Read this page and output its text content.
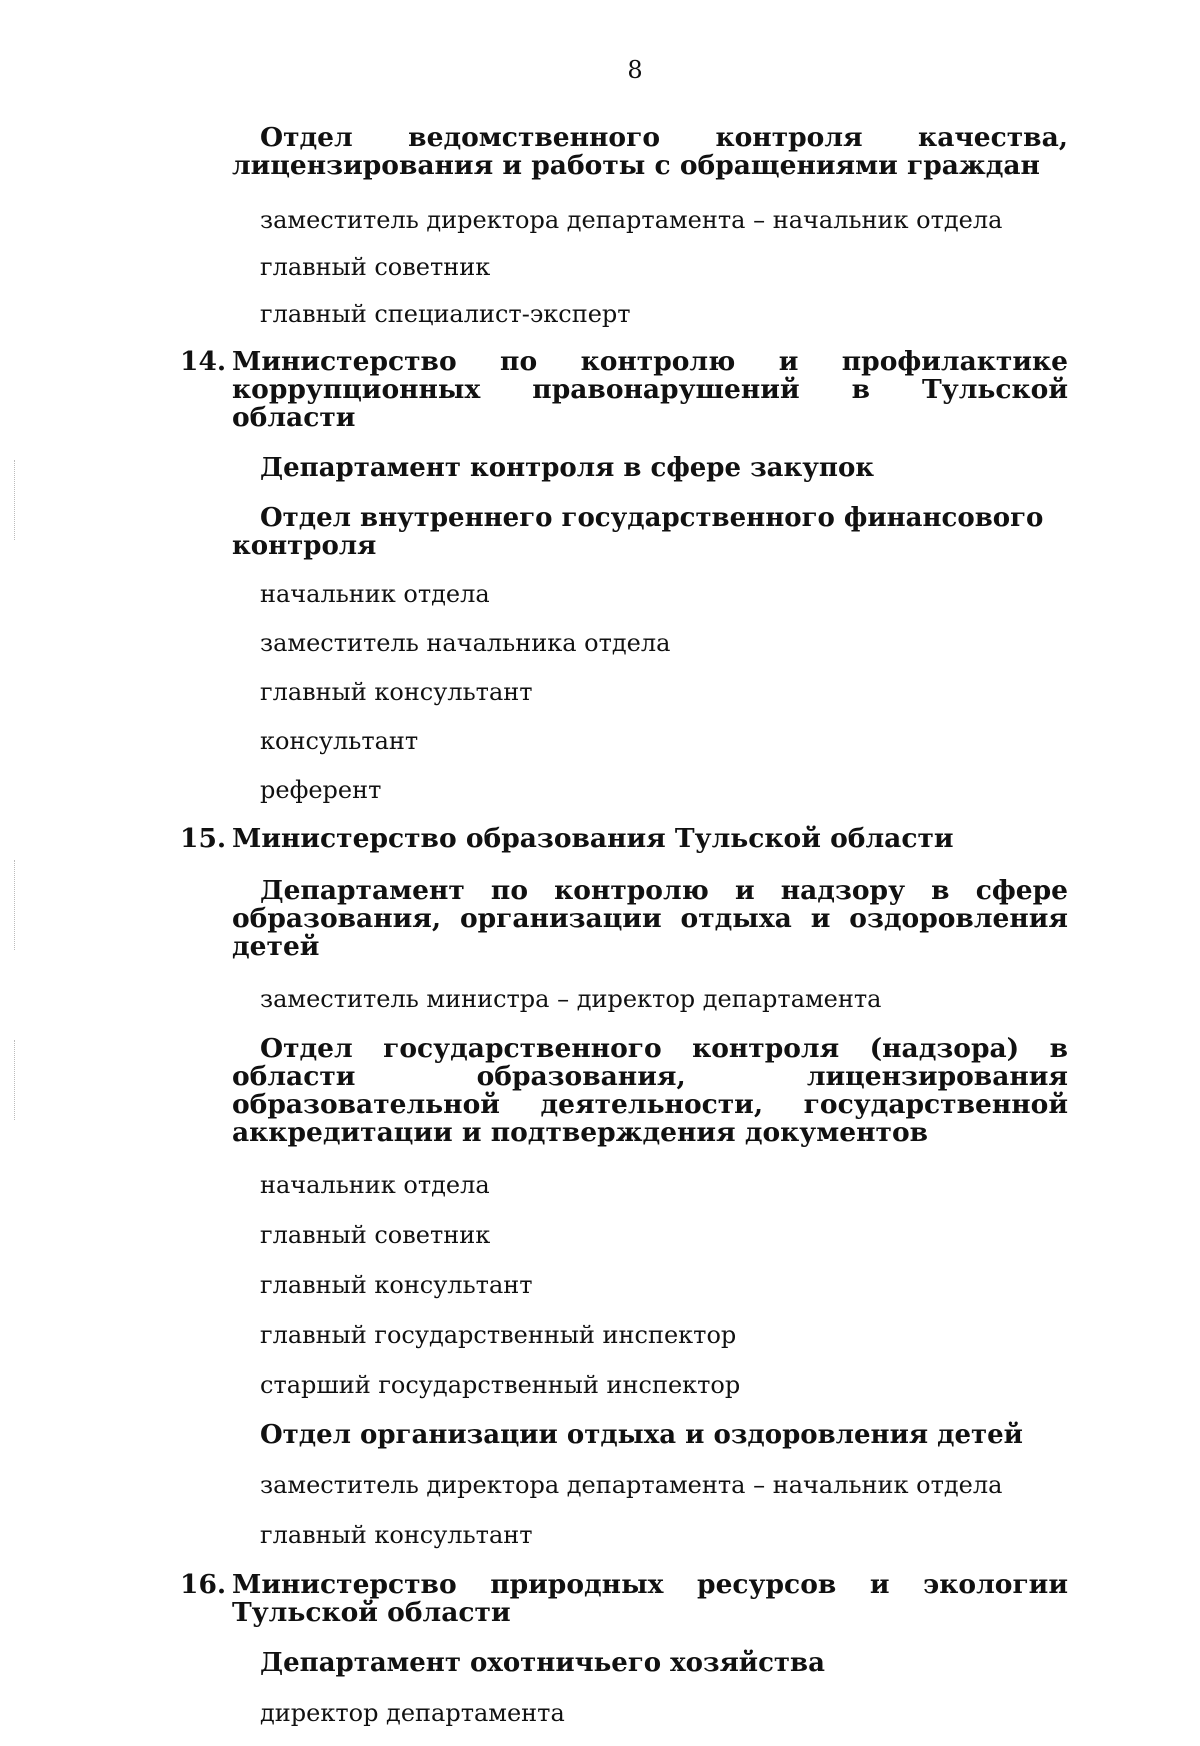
8
Отдел ведомственного контроля качества, лицензирования и работы с обращениями граждан
заместитель директора департамента – начальник отдела
главный советник
главный специалист-эксперт
14. Министерство по контролю и профилактике коррупционных правонарушений в Тульской области
Департамент контроля в сфере закупок
Отдел внутреннего государственного финансового контроля
начальник отдела
заместитель начальника отдела
главный консультант
консультант
референт
15. Министерство образования Тульской области
Департамент по контролю и надзору в сфере образования, организации отдыха и оздоровления детей
заместитель министра – директор департамента
Отдел государственного контроля (надзора) в области образования, лицензирования образовательной деятельности, государственной аккредитации и подтверждения документов
начальник отдела
главный советник
главный консультант
главный государственный инспектор
старший государственный инспектор
Отдел организации отдыха и оздоровления детей
заместитель директора департамента – начальник отдела
главный консультант
16. Министерство природных ресурсов и экологии Тульской области
Департамент охотничьего хозяйства
директор департамента
